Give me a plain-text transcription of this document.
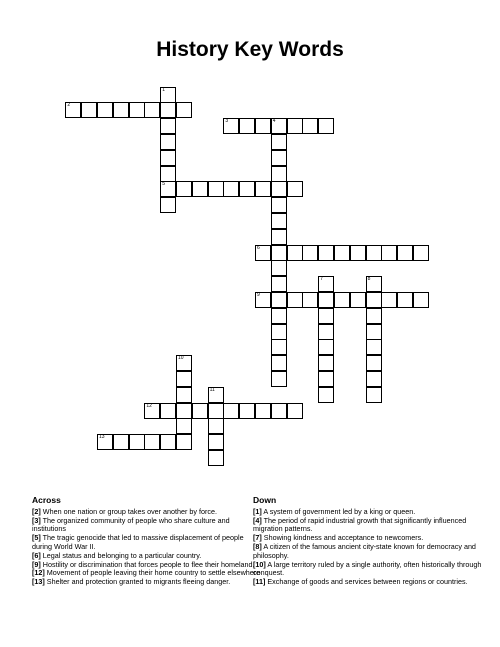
History Key Words
1
5
2
3	4
6
7	8
9
10
11
12
13
Across
[2] When one nation or group takes over another by force.
[3] The organized community of people who share culture and institutions
[5] The tragic genocide that led to massive displacement of people during World War II.
[6] Legal status and belonging to a particular country.
[9] Hostility or discrimination that forces people to flee their homeland.
[12] Movement of people leaving their home country to settle elsewhere
[13] Shelter and protection granted to migrants fleeing danger.
Down
[1] A system of government led by a king or queen.
[4] The period of rapid industrial growth that significantly influenced migration patterns.
[7] Showing kindness and acceptance to newcomers.
[8] A citizen of the famous ancient city-state known for democracy and philosophy.
[10] A large territory ruled by a single authority, often historically through conquest.
[11] Exchange of goods and services between regions or countries.
